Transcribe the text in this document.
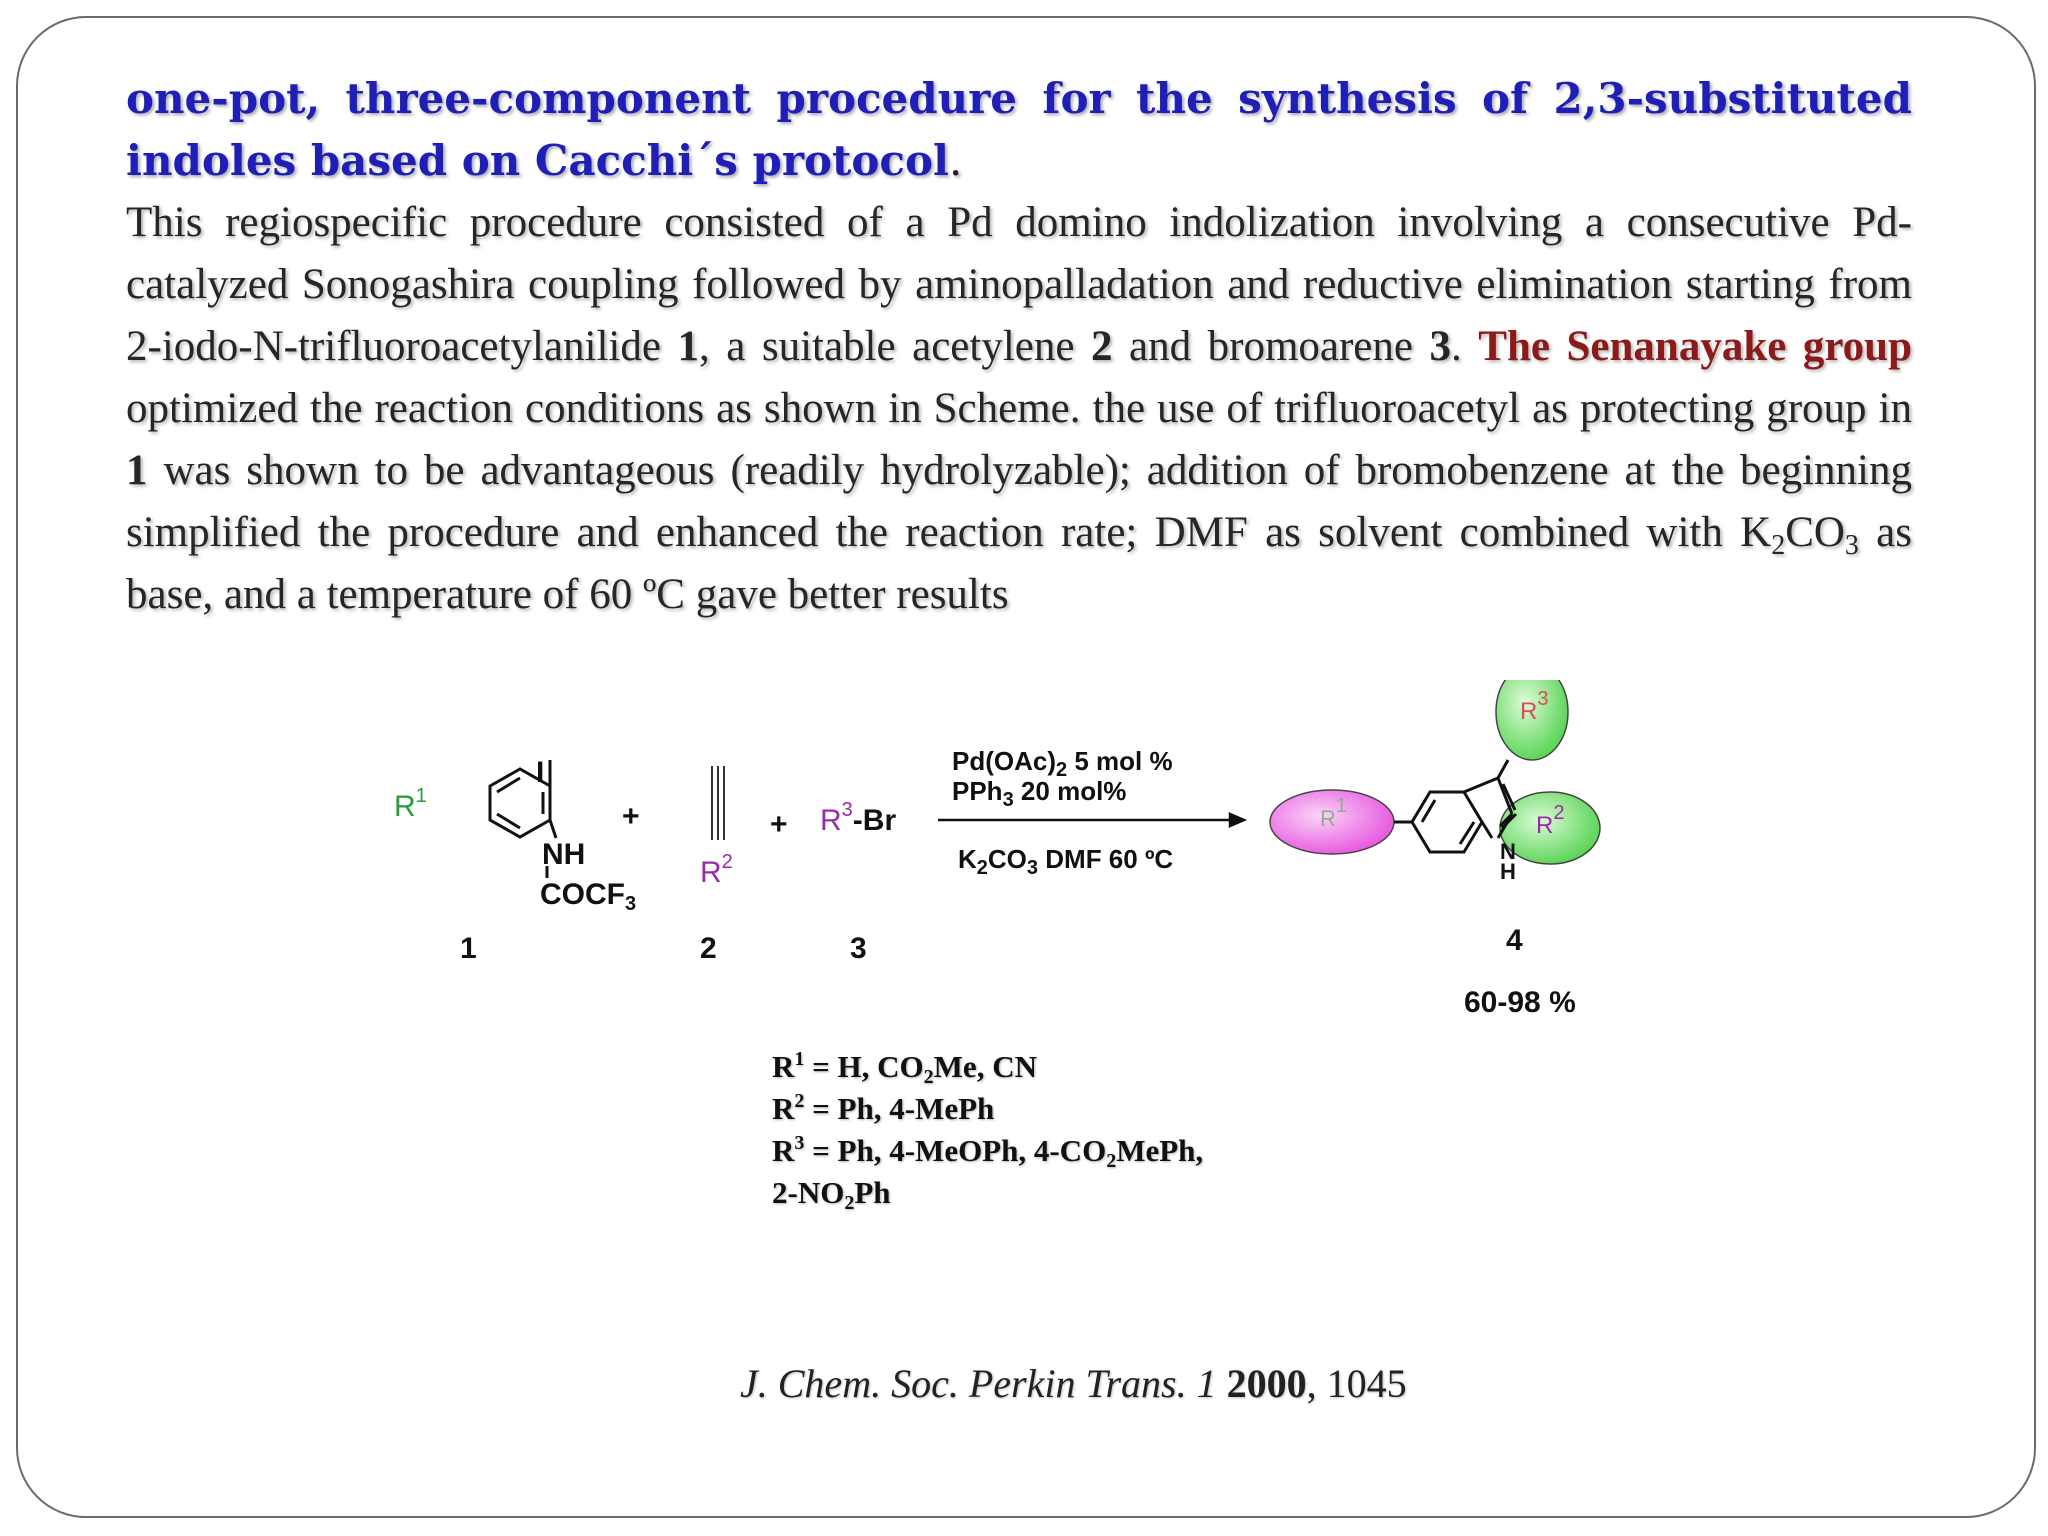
one-pot, three-component procedure for the synthesis of 2,3-substituted indoles based on Cacchi´s protocol.

This regiospecific procedure consisted of a Pd domino indolization involving a consecutive Pd-catalyzed Sonogashira coupling followed by aminopalladation and reductive elimination starting from 2-iodo-N-trifluoroacetylanilide 1, a suitable acetylene 2 and bromoarene 3. The Senanayake group optimized the reaction conditions as shown in Scheme. the use of trifluoroacetyl as protecting group in 1 was shown to be advantageous (readily hydrolyzable); addition of bromobenzene at the beginning simplified the procedure and enhanced the reaction rate; DMF as solvent combined with $K_2CO_3$ as base, and a temperature of 60 ºC gave better results

$R^1$
I
NH
$COCF_3$
+
$R^2$
+ $R^3-Br$
$Pd(OAc)_2$ 5 mol %
PPh$_3$ 20 mol%
$K_2CO_3$ DMF 60 ºC
$R^1$
$R^2$
$R^3$
N
H
1	2	3	4
60-98 %
$R^1 = H$, $CO_2Me$, CN
$R^2 = Ph$, 4-MePh
$R^3 = Ph$, 4-MeOPh, $4-CO_2MePh$,
$2-NO_2Ph$
J. Chem. Soc. Perkin Trans. 1 2000, 1045
